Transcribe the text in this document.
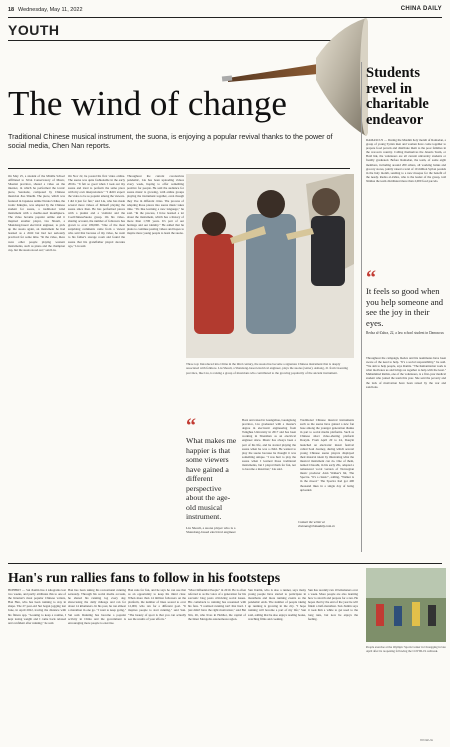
18 Wednesday, May 11, 2022	CHINA DAILY
YOUTH
The wind of change
Traditional Chinese musical instrument, the suona, is enjoying a popular revival thanks to the power of social media, Chen Nan reports.
On May 25, a student of the Middle School Affiliated to Xi'an Conservatory of Music, Shaanxi province, shared a video on the internet, in which he performed the iconic piece, Serenade, composed by Chinese musician Jiao Shuzhi. The piece, which was featured in Japanese anime Naruto's Kiku, the iconic Kikujiro, was adapted by the Chinese student for suona, a traditional wind instrument with a double-reed mouthpiece. The video became popular online and it inspired another player, Liu Shouli, a Shandong-based electrical engineer, to pick up the suona again, an instrument he had learned as a child but had not seriously practiced for some time. "In the video, there were other people playing western instruments, such as piano and the champion cup, but the suona stood out," said Liu.
On Nov 22, he posted his first video online. The suona was quite fashionable in the early 2010s. "It felt so good when I took out my suona and tried to perform the same piece with my own interpretation." "I didn't expect the video to be so popular among the viewers. I did it just for fun," said Liu, who has made several more videos of himself playing the suona since then. He has performed pieces with a pianist and a violinist and the CoolChineseSuona group. On his video-sharing account, the number of followers has grown to over 180,000. "One of the most surprising comments came from a viewer who said that because of my video, he went to his father's storage room and found the suona that his grandfather played decades ago," Liu said.
Throughout the current coronavirus pandemic, Liu has been uploading videos every week, hoping to offer something positive for people. He said the audience for suona music is growing, with online groups playing the instrument together, even though they live in different cities. The process of adapting those pieces into suona music takes time. "It's like learning a new language," he said. "In the process, I have learned a lot about the instrument, which has a history of more than 1,700 years. It's part of our heritage and our identity." He added that he plans to continue posting videos and hopes to inspire more young people to learn the suona.
Three top: Introduced into China in the third century, the suona has become a signature Chinese instrument that is deeply associated with folklore. Liu Shouli, a Shandong-based electrical engineer, plays the suona (center). Ashong, 21 from Liaoning province, like Liu, is raising a group of musicians who contributed to the growing popularity of the ancient instrument.
“
What makes me happier is that some viewers have gained a different perspective about the age-old musical instrument.
Liu Shouli, a suona player who is a Shandong-based electrical engineer
Born and raised in Guangzhou, Guangdong province, Liu graduated with a master's degree in electronic engineering from Tsinghua University in 2017 and has been working in Shenzhen as an electrical engineer since. Music has always been a part of his life, and he started playing the suona when he was a child. He wanted to play the suona because he thought it was something unique. "I was hurt to play the suona when I learned those traditional instruments, but I played them for fun, not to become a musician," Liu said.
Traditional Chinese musical instruments such as the suona have gained a new fan base among the younger generation thanks in part to social media platforms. Such as Chinese short video-sharing platform Douyin. From April 20 to 24, Douyin launched an electronic music festival called Soul Journey, during which several young Chinese suona players displayed their musical talent by illustrating what the musical instrument can do. One of them, named Chaoshi, in his early 20s, adapted a remastered vocal version of Norwegian music producer Alan Walker's hit, The Spectre. "It's a classic", adding, "Walker is in the mood." The Spectre had got 400 thousand likes in a single day of being uploaded.
Contact the writer at
chennan@chinadaily.com.cn
Students revel in charitable endeavor
DAMASCUS — During the Muslim holy month of Ramadan, a group of young Syrian men and women have come together to prepare food parcels and distribute them to the poor families in the war-torn country. Calling themselves the Jeneria Team, or Bold Ink, the volunteers are all current university students or freshly graduated. Before Ramadan, the team, of some eight members, including around 200 others, all working banks and grocery stores, jointly raised a total of 10 million Syrian pounds in the holy month, sending to a new mosque for the benefit of the needy. Redza al-Zahra, who is the leader of the group, told Xinhua the team distributed more than 2,000 food parcels.
“
It feels so good when you help someone and see the joy in their eyes.
Redza al-Zahra, 22, a law school student in Damascus
Throughout the campaign, Redza and his teammates have been aware of the need to help. "It's a social responsibility," he said. "We aim to help people, says Ramla. "The humanitarian work is what motivates us and brings us together to help with the least." Muhammad Ramla, one of the volunteers, is a first-year medical student who joined the team this year. She said the poverty and the lack of motivation have been raised by the war and sanctions.
Han's run rallies fans to follow in his footsteps
HOHHOT — Sui Jianlin has 2 kilograms lost two weeks, and partly attributes this to one of the Internet's most popular Chinese writers, Han Han, who has been running to stay in shape. The 27-year-old Sui began jogging last June, in April 2022, tracing the distance with his fitness app. "Looking to keep a routine, I kept losing weight and I came back relaxed and confident after running," he said.
Han has been taking his recreational running seriously. Through his social media account, he shared his running log every day, showcasing the daily mileage and ran for about 14 kilometers. In his post, he ran almost a marathon in one go. "I want to keep going," Sui said. Running has become a popular activity in China and the government is encouraging more people to exercise.
Han runs for fun, and he says he can use that as an opportunity to keep his mind clear. When more than 14 million followers on the platform, the number of likes soared to over 12,000, who ran for a different goal. "It inspires people to start running," said Sun. "The beauty of sport is that you can actually see the results of your efforts."
"Most Influential People" in 2010. He is often referred to as the voice of a generation for his sarcastic blog posts criticizing social issues. His comeback to running has resonated with his fans. "I realized running isn't that hard. I just didn't have the right motivation," said Bai Xin, 26, who lives in Hohhot, the capital of the Inner Mongolia autonomous region.
Sun Jianlin, who is also a runner, says many young people have started to participate in marathons and more running events as the pandemic ends. The number of people taking up running is growing in the city. "I hope running will become a part of my life," Sun said, adding that he also enjoys reading books, watching films and cooking.
Sun has recently run 10 kilometers over a week. More people are also learning how to stretch and prepare for a run. He hopes that by the end of the year he will finish a half-marathon. Sun Jianlin says it took him a while to get used to the long runs, but now he enjoys the feeling.
People exercise at the Olympic Sports Center in Chongqing in late April after its reopening following the COVID-19 outbreak.
XINHUA
